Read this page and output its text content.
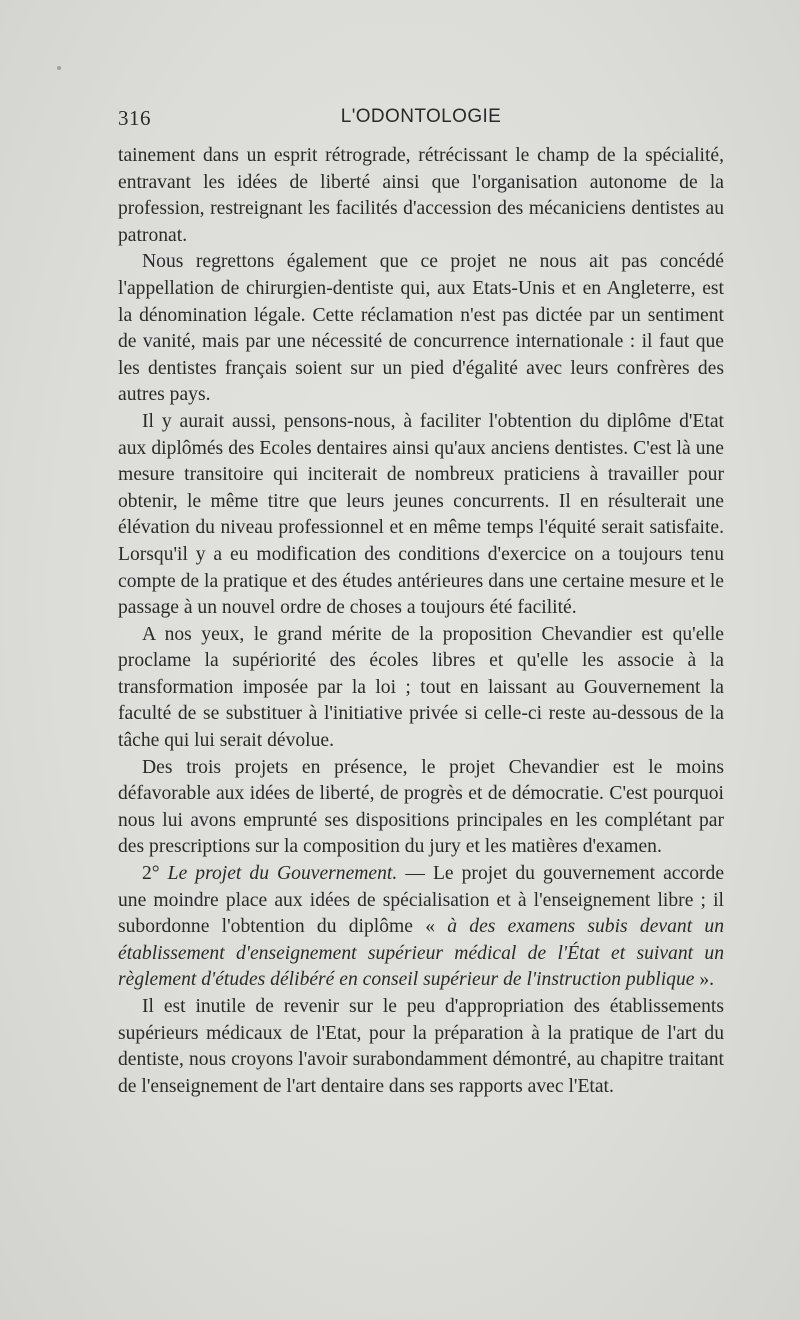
316	L'ODONTOLOGIE

tainement dans un esprit rétrograde, rétrécissant le champ de la spécialité, entravant les idées de liberté ainsi que l'organisation autonome de la profession, restreignant les facilités d'accession des mécaniciens dentistes au patronat.

Nous regrettons également que ce projet ne nous ait pas concédé l'appellation de chirurgien-dentiste qui, aux Etats-Unis et en Angleterre, est la dénomination légale. Cette réclamation n'est pas dictée par un sentiment de vanité, mais par une nécessité de concurrence internationale : il faut que les dentistes français soient sur un pied d'égalité avec leurs confrères des autres pays.

Il y aurait aussi, pensons-nous, à faciliter l'obtention du diplôme d'Etat aux diplômés des Ecoles dentaires ainsi qu'aux anciens dentistes. C'est là une mesure transitoire qui inciterait de nombreux praticiens à travailler pour obtenir, le même titre que leurs jeunes concurrents. Il en résulterait une élévation du niveau professionnel et en même temps l'équité serait satisfaite. Lorsqu'il y a eu modification des conditions d'exercice on a toujours tenu compte de la pratique et des études antérieures dans une certaine mesure et le passage à un nouvel ordre de choses a toujours été facilité.

A nos yeux, le grand mérite de la proposition Chevandier est qu'elle proclame la supériorité des écoles libres et qu'elle les associe à la transformation imposée par la loi ; tout en laissant au Gouvernement la faculté de se substituer à l'initiative privée si celle-ci reste au-dessous de la tâche qui lui serait dévolue.

Des trois projets en présence, le projet Chevandier est le moins défavorable aux idées de liberté, de progrès et de démocratie. C'est pourquoi nous lui avons emprunté ses dispositions principales en les complétant par des prescriptions sur la composition du jury et les matières d'examen.

2° Le projet du Gouvernement. — Le projet du gouvernement accorde une moindre place aux idées de spécialisation et à l'enseignement libre ; il subordonne l'obtention du diplôme « à des examens subis devant un établissement d'enseignement supérieur médical de l'État et suivant un règlement d'études délibéré en conseil supérieur de l'instruction publique ».

Il est inutile de revenir sur le peu d'appropriation des établissements supérieurs médicaux de l'Etat, pour la préparation à la pratique de l'art du dentiste, nous croyons l'avoir surabondamment démontré, au chapitre traitant de l'enseignement de l'art dentaire dans ses rapports avec l'Etat.
